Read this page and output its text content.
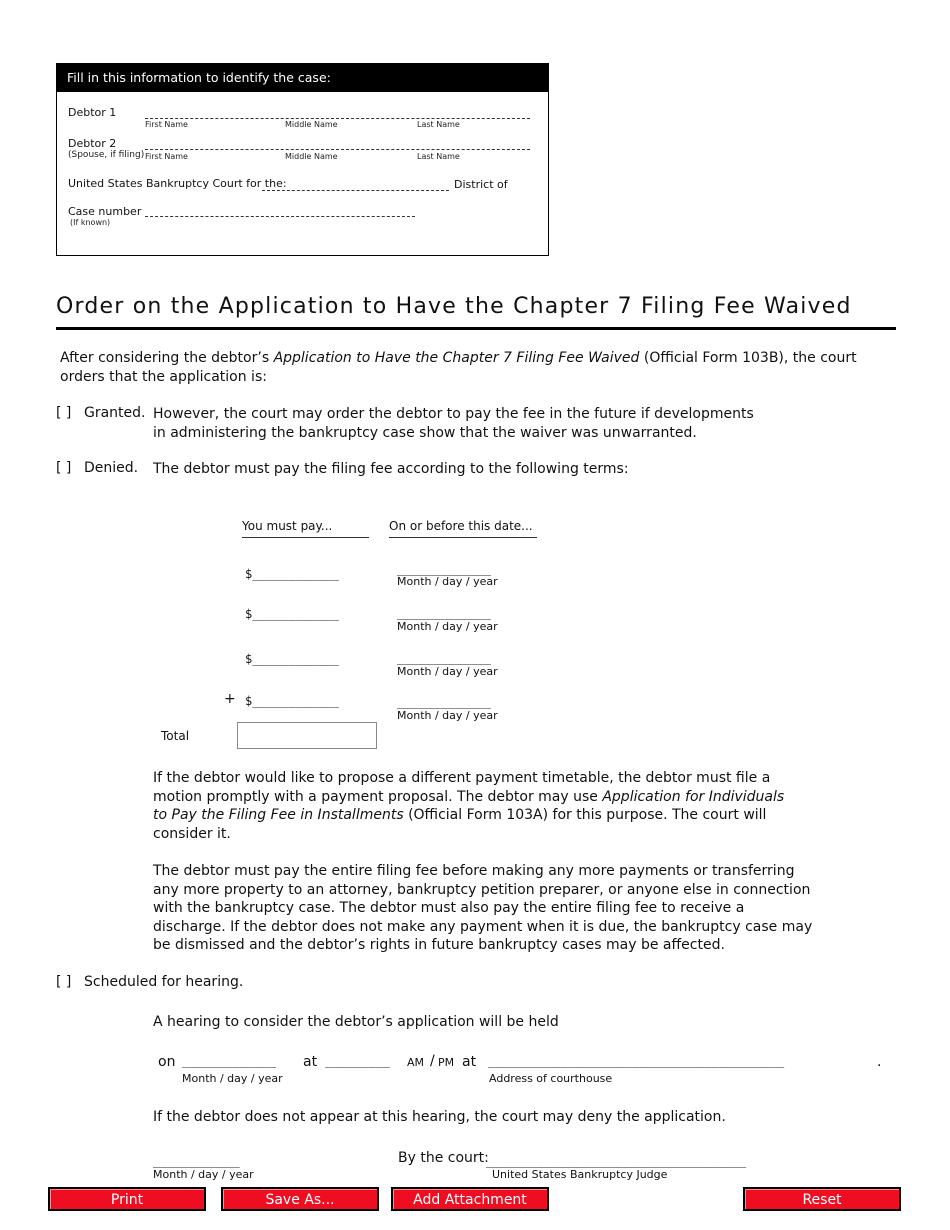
Fill in this information to identify the case:
Debtor 1
First Name	Middle Name	Last Name
Debtor 2
(Spouse, if filing) First Name	Middle Name	Last Name
United States Bankruptcy Court for the:	District of
Case number
(If known)
Order on the Application to Have the Chapter 7 Filing Fee Waived
After considering the debtor’s Application to Have the Chapter 7 Filing Fee Waived (Official Form 103B), the court orders that the application is:
[ ] Granted. However, the court may order the debtor to pay the fee in the future if developments in administering the bankruptcy case show that the waiver was unwarranted.
[ ] Denied. The debtor must pay the filing fee according to the following terms:
You must pay...	On or before this date...
$____________	_____________
Month / day / year
$____________	_____________
Month / day / year
$____________	_____________
Month / day / year
+ $____________	_____________
Month / day / year
Total
If the debtor would like to propose a different payment timetable, the debtor must file a motion promptly with a payment proposal. The debtor may use Application for Individuals to Pay the Filing Fee in Installments (Official Form 103A) for this purpose. The court will consider it.
The debtor must pay the entire filing fee before making any more payments or transferring any more property to an attorney, bankruptcy petition preparer, or anyone else in connection with the bankruptcy case. The debtor must also pay the entire filing fee to receive a discharge. If the debtor does not make any payment when it is due, the bankruptcy case may be dismissed and the debtor’s rights in future bankruptcy cases may be affected.
[ ] Scheduled for hearing.
A hearing to consider the debtor’s application will be held
on _____________ at _________ AM / PM at _________________________________________	.
Month / day / year	Address of courthouse
If the debtor does not appear at this hearing, the court may deny the application.
____________
Month / day / year
By the court:
____________________________________
United States Bankruptcy Judge
Print	Save As...	Add Attachment	Reset
